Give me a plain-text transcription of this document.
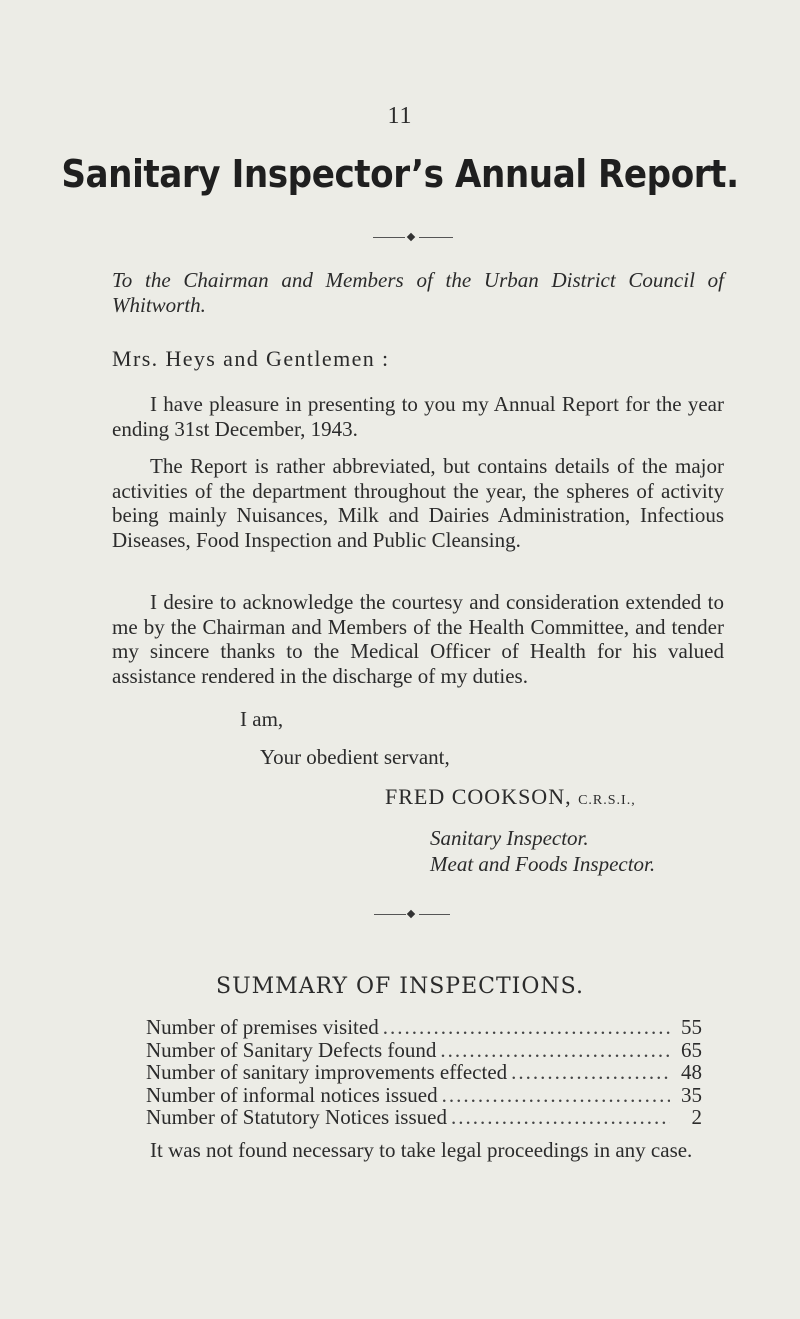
11
Sanitary Inspector’s Annual Report.
To the Chairman and Members of the Urban District Council of Whitworth.
Mrs. Heys and Gentlemen :
I have pleasure in presenting to you my Annual Report for the year ending 31st December, 1943.
The Report is rather abbreviated, but contains details of the major activities of the department throughout the year, the spheres of activity being mainly Nuisances, Milk and Dairies Administration, Infectious Diseases, Food Inspection and Public Cleansing.
I desire to acknowledge the courtesy and consideration extended to me by the Chairman and Members of the Health Committee, and tender my sincere thanks to the Medical Officer of Health for his valued assistance rendered in the discharge of my duties.
I am,
Your obedient servant,
FRED COOKSON, C.R.S.I.,
Sanitary Inspector.
Meat and Foods Inspector.
SUMMARY OF INSPECTIONS.
Number of premises visited .....	55
Number of Sanitary Defects found .....	65
Number of sanitary improvements effected .....	48
Number of informal notices issued .....	35
Number of Statutory Notices issued .....	2
It was not found necessary to take legal proceedings in any case.
